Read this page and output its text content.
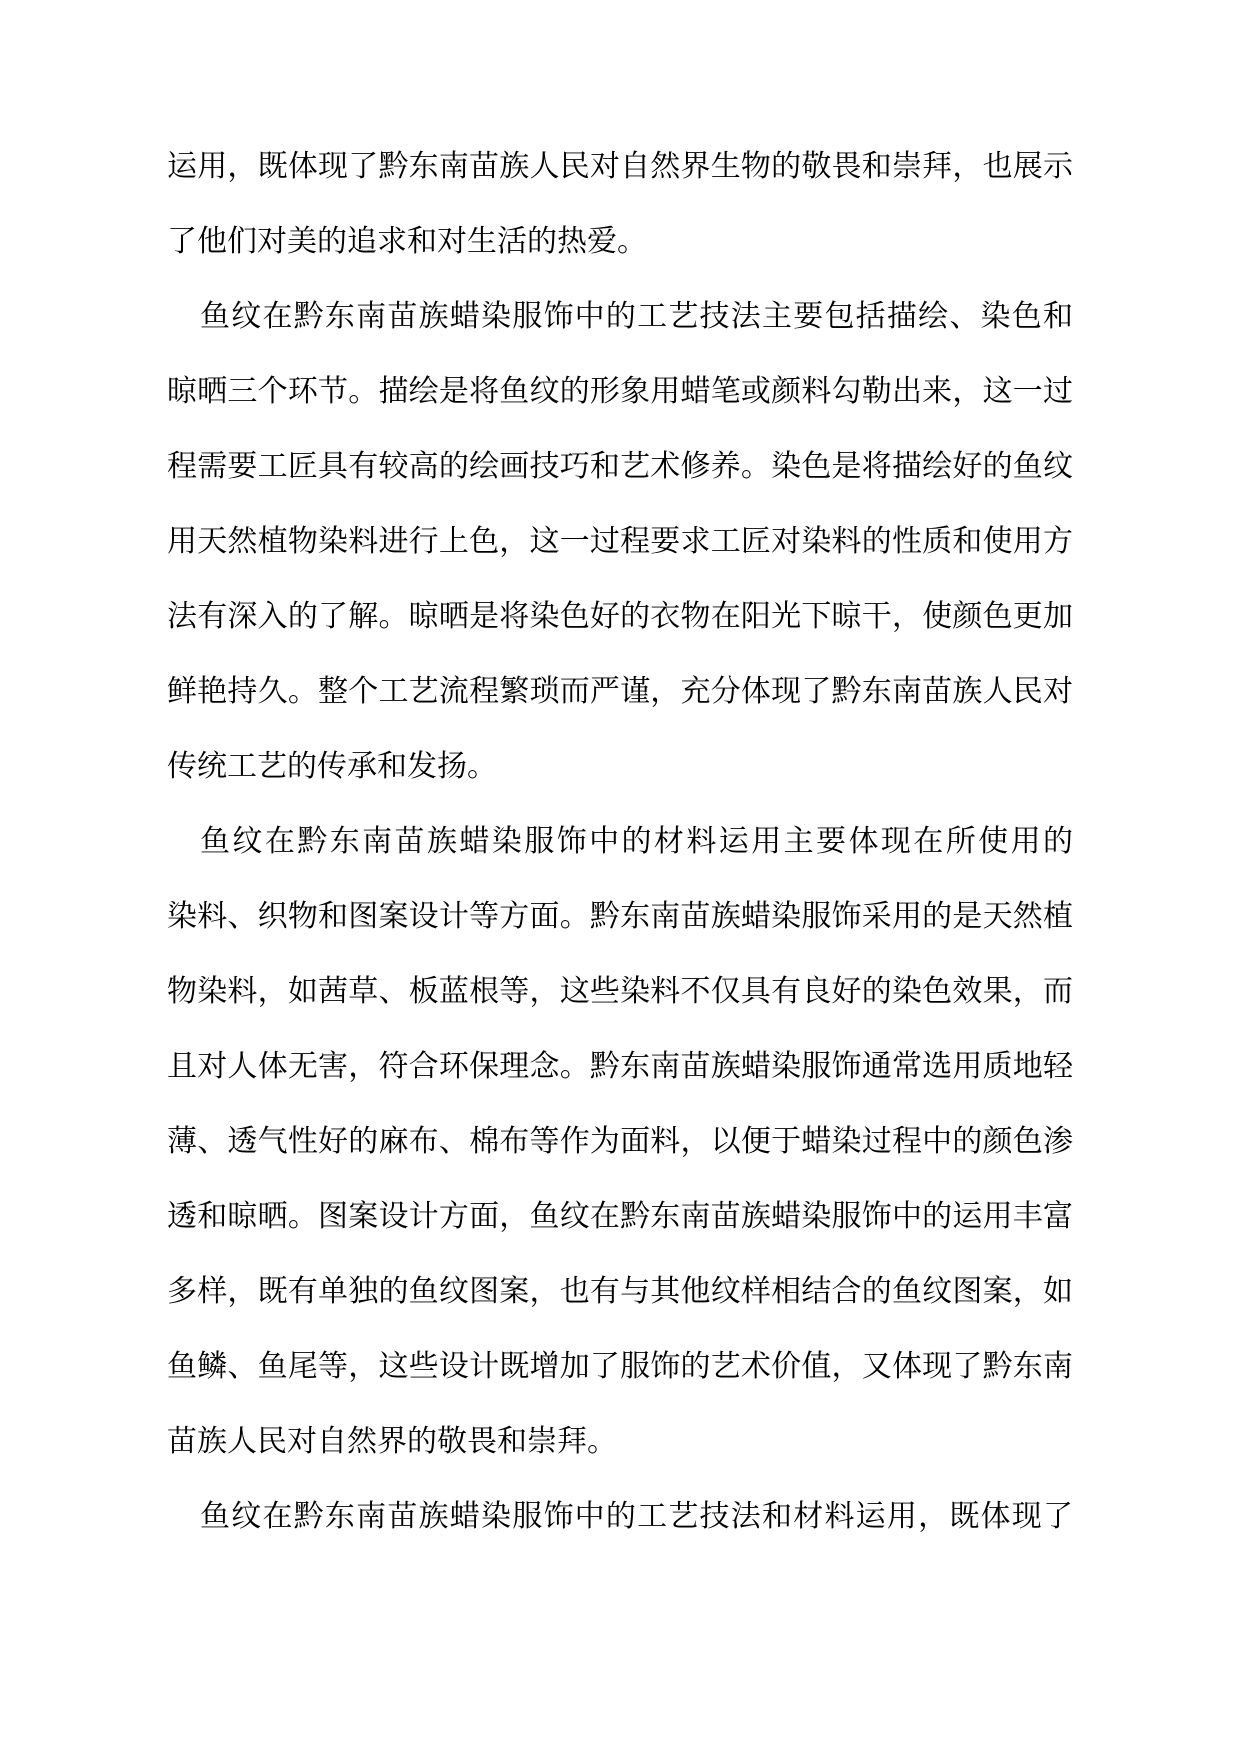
运用，既体现了黔东南苗族人民对自然界生物的敬畏和崇拜，也展示
了他们对美的追求和对生活的热爱。
鱼纹在黔东南苗族蜡染服饰中的工艺技法主要包括描绘、染色和
晾晒三个环节。描绘是将鱼纹的形象用蜡笔或颜料勾勒出来，这一过
程需要工匠具有较高的绘画技巧和艺术修养。染色是将描绘好的鱼纹
用天然植物染料进行上色，这一过程要求工匠对染料的性质和使用方
法有深入的了解。晾晒是将染色好的衣物在阳光下晾干，使颜色更加
鲜艳持久。整个工艺流程繁琐而严谨，充分体现了黔东南苗族人民对
传统工艺的传承和发扬。
鱼纹在黔东南苗族蜡染服饰中的材料运用主要体现在所使用的
染料、织物和图案设计等方面。黔东南苗族蜡染服饰采用的是天然植
物染料，如茜草、板蓝根等，这些染料不仅具有良好的染色效果，而
且对人体无害，符合环保理念。黔东南苗族蜡染服饰通常选用质地轻
薄、透气性好的麻布、棉布等作为面料，以便于蜡染过程中的颜色渗
透和晾晒。图案设计方面，鱼纹在黔东南苗族蜡染服饰中的运用丰富
多样，既有单独的鱼纹图案，也有与其他纹样相结合的鱼纹图案，如
鱼鳞、鱼尾等，这些设计既增加了服饰的艺术价值，又体现了黔东南
苗族人民对自然界的敬畏和崇拜。
鱼纹在黔东南苗族蜡染服饰中的工艺技法和材料运用，既体现了
